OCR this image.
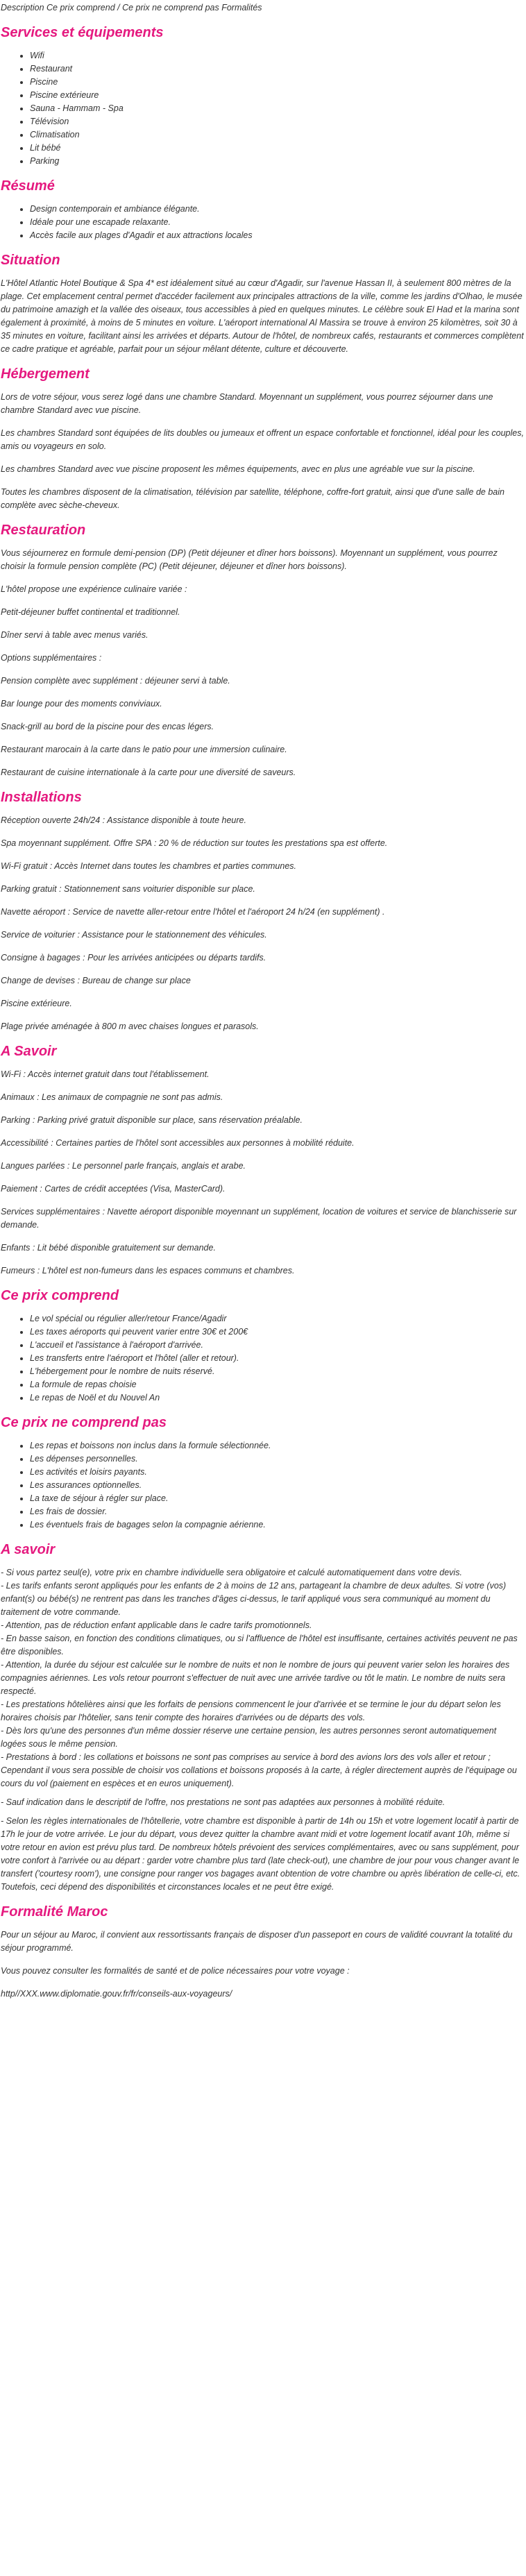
Description Ce prix comprend / Ce prix ne comprend pas Formalités

Services et équipements
• Wifi
• Restaurant
• Piscine
• Piscine extérieure
• Sauna - Hammam - Spa
• Télévision
• Climatisation
• Lit bébé
• Parking
Résumé
• Design contemporain et ambiance élégante.
• Idéale pour une escapade relaxante.
• Accès facile aux plages d'Agadir et aux attractions locales
Situation

L'Hôtel Atlantic Hotel Boutique & Spa 4* est idéalement situé au cœur d'Agadir, sur l'avenue Hassan II, à seulement 800 mètres de la plage. Cet emplacement central permet d'accéder facilement aux principales attractions de la ville, comme les jardins d'Olhao, le musée du patrimoine amazigh et la vallée des oiseaux, tous accessibles à pied en quelques minutes. Le célèbre souk El Had et la marina sont également à proximité, à moins de 5 minutes en voiture. L'aéroport international Al Massira se trouve à environ 25 kilomètres, soit 30 à 35 minutes en voiture, facilitant ainsi les arrivées et départs. Autour de l'hôtel, de nombreux cafés, restaurants et commerces complètent ce cadre pratique et agréable, parfait pour un séjour mêlant détente, culture et découverte.

Hébergement

Lors de votre séjour, vous serez logé dans une chambre Standard. Moyennant un supplément, vous pourrez séjourner dans une chambre Standard avec vue piscine.

Les chambres Standard sont équipées de lits doubles ou jumeaux et offrent un espace confortable et fonctionnel, idéal pour les couples, amis ou voyageurs en solo.

Les chambres Standard avec vue piscine proposent les mêmes équipements, avec en plus une agréable vue sur la piscine.

Toutes les chambres disposent de la climatisation, télévision par satellite, téléphone, coffre-fort gratuit, ainsi que d'une salle de bain complète avec sèche-cheveux.

Restauration

Vous séjournerez en formule demi-pension (DP) (Petit déjeuner et dîner hors boissons). Moyennant un supplément, vous pourrez choisir la formule pension complète (PC) (Petit déjeuner, déjeuner et dîner hors boissons).

L'hôtel propose une expérience culinaire variée :

Petit-déjeuner buffet continental et traditionnel.

Dîner servi à table avec menus variés.

Options supplémentaires :

Pension complète avec supplément : déjeuner servi à table.

Bar lounge pour des moments conviviaux.

Snack-grill au bord de la piscine pour des encas légers.

Restaurant marocain à la carte dans le patio pour une immersion culinaire.

Restaurant de cuisine internationale à la carte pour une diversité de saveurs.

Installations

Réception ouverte 24h/24 : Assistance disponible à toute heure.

Spa moyennant supplément. Offre SPA : 20 % de réduction sur toutes les prestations spa est offerte.

Wi-Fi gratuit : Accès Internet dans toutes les chambres et parties communes.

Parking gratuit : Stationnement sans voiturier disponible sur place.

Navette aéroport : Service de navette aller-retour entre l'hôtel et l'aéroport 24 h/24 (en supplément) .

Service de voiturier : Assistance pour le stationnement des véhicules.

Consigne à bagages : Pour les arrivées anticipées ou départs tardifs.

Change de devises : Bureau de change sur place

Piscine extérieure.

Plage privée aménagée à 800 m avec chaises longues et parasols.

A Savoir

Wi-Fi : Accès internet gratuit dans tout l'établissement.

Animaux : Les animaux de compagnie ne sont pas admis.

Parking : Parking privé gratuit disponible sur place, sans réservation préalable.

Accessibilité : Certaines parties de l'hôtel sont accessibles aux personnes à mobilité réduite.

Langues parlées : Le personnel parle français, anglais et arabe.

Paiement : Cartes de crédit acceptées (Visa, MasterCard).

Services supplémentaires : Navette aéroport disponible moyennant un supplément, location de voitures et service de blanchisserie sur demande.

Enfants : Lit bébé disponible gratuitement sur demande.

Fumeurs : L'hôtel est non-fumeurs dans les espaces communs et chambres.

Ce prix comprend
• Le vol spécial ou régulier aller/retour France/Agadir
• Les taxes aéroports qui peuvent varier entre 30€ et 200€
• L'accueil et l'assistance à l'aéroport d'arrivée.
• Les transferts entre l'aéroport et l'hôtel (aller et retour).
• L'hébergement pour le nombre de nuits réservé.
• La formule de repas choisie
• Le repas de Noël et du Nouvel An
Ce prix ne comprend pas
• Les repas et boissons non inclus dans la formule sélectionnée.
• Les dépenses personnelles.
• Les activités et loisirs payants.
• Les assurances optionnelles.
• La taxe de séjour à régler sur place.
• Les frais de dossier.
• Les éventuels frais de bagages selon la compagnie aérienne.
A savoir

- Si vous partez seul(e), votre prix en chambre individuelle sera obligatoire et calculé automatiquement dans votre devis.

- Les tarifs enfants seront appliqués pour les enfants de 2 à moins de 12 ans, partageant la chambre de deux adultes. Si votre (vos) enfant(s) ou bébé(s) ne rentrent pas dans les tranches d'âges ci-dessus, le tarif appliqué vous sera communiqué au moment du traitement de votre commande.

- Attention, pas de réduction enfant applicable dans le cadre tarifs promotionnels.

- En basse saison, en fonction des conditions climatiques, ou si l'affluence de l'hôtel est insuffisante, certaines activités peuvent ne pas être disponibles.

- Attention, la durée du séjour est calculée sur le nombre de nuits et non le nombre de jours qui peuvent varier selon les horaires des compagnies aériennes. Les vols retour pourront s'effectuer de nuit avec une arrivée tardive ou tôt le matin. Le nombre de nuits sera respecté.

- Les prestations hôtelières ainsi que les forfaits de pensions commencent le jour d'arrivée et se termine le jour du départ selon les horaires choisis par l'hôtelier, sans tenir compte des horaires d'arrivées ou de départs des vols.

- Dès lors qu'une des personnes d'un même dossier réserve une certaine pension, les autres personnes seront automatiquement logées sous le même pension.

- Prestations à bord : les collations et boissons ne sont pas comprises au service à bord des avions lors des vols aller et retour ; Cependant il vous sera possible de choisir vos collations et boissons proposés à la carte, à régler directement auprès de l'équipage ou cours du vol (paiement en espèces et en euros uniquement).

- Sauf indication dans le descriptif de l'offre, nos prestations ne sont pas adaptées aux personnes à mobilité réduite.

- Selon les règles internationales de l'hôtellerie, votre chambre est disponible à partir de 14h ou 15h et votre logement locatif à partir de 17h le jour de votre arrivée. Le jour du départ, vous devez quitter la chambre avant midi et votre logement locatif avant 10h, même si votre retour en avion est prévu plus tard. De nombreux hôtels prévoient des services complémentaires, avec ou sans supplément, pour votre confort à l'arrivée ou au départ : garder votre chambre plus tard (late check-out), une chambre de jour pour vous changer avant le transfert ('courtesy room'), une consigne pour ranger vos bagages avant obtention de votre chambre ou après libération de celle-ci, etc. Toutefois, ceci dépend des disponibilités et circonstances locales et ne peut être exigé.

Formalité Maroc

Pour un séjour au Maroc, il convient aux ressortissants français de disposer d'un passeport en cours de validité couvrant la totalité du séjour programmé.

Vous pouvez consulter les formalités de santé et de police nécessaires pour votre voyage :

http//XXX.www.diplomatie.gouv.fr/fr/conseils-aux-voyageurs/
